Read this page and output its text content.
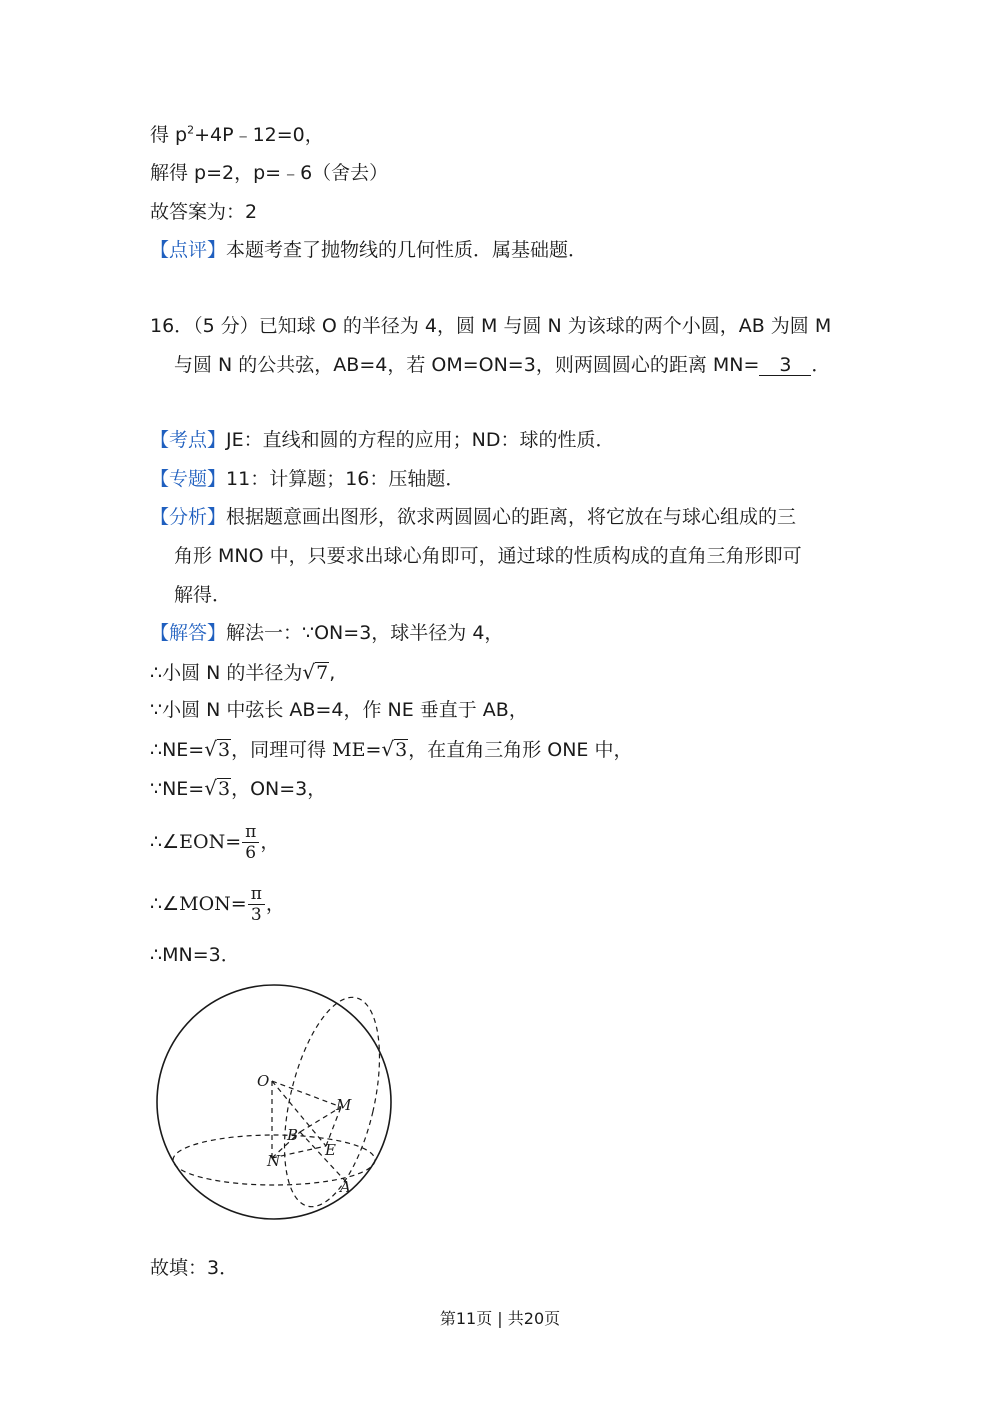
得 $p^2+4P﹣12=0$，
解得 p=2，p=﹣6（舍去）
故答案为：2
【点评】本题考查了抛物线的几何性质．属基础题．
16．（5 分）已知球 O 的半径为 4，圆 M 与圆 N 为该球的两个小圆，AB 为圆 M
与圆 N 的公共弦，AB=4，若 OM=ON=3，则两圆圆心的距离 MN= 3 ．
【考点】JE：直线和圆的方程的应用；ND：球的性质．
【专题】11：计算题；16：压轴题．
【分析】根据题意画出图形，欲求两圆圆心的距离，将它放在与球心组成的三
角形 MNO 中，只要求出球心角即可，通过球的性质构成的直角三角形即可
解得．
【解答】解法一：∵ON=3，球半径为 4，
∴小圆 N 的半径为√7,
∵小圆 N 中弦长 AB=4，作 NE 垂直于 AB，
∴NE=√3，同理可得 ME=√3，在直角三角形 ONE 中，
∵NE=√3，ON=3，
∴∠EON= $\frac{\pi}{6}$ ，
∴∠MON= $\frac{\pi}{3}$ ，
∴MN=3．
O
M
B
E
N
A
故填：3．
第11页 | 共20页
